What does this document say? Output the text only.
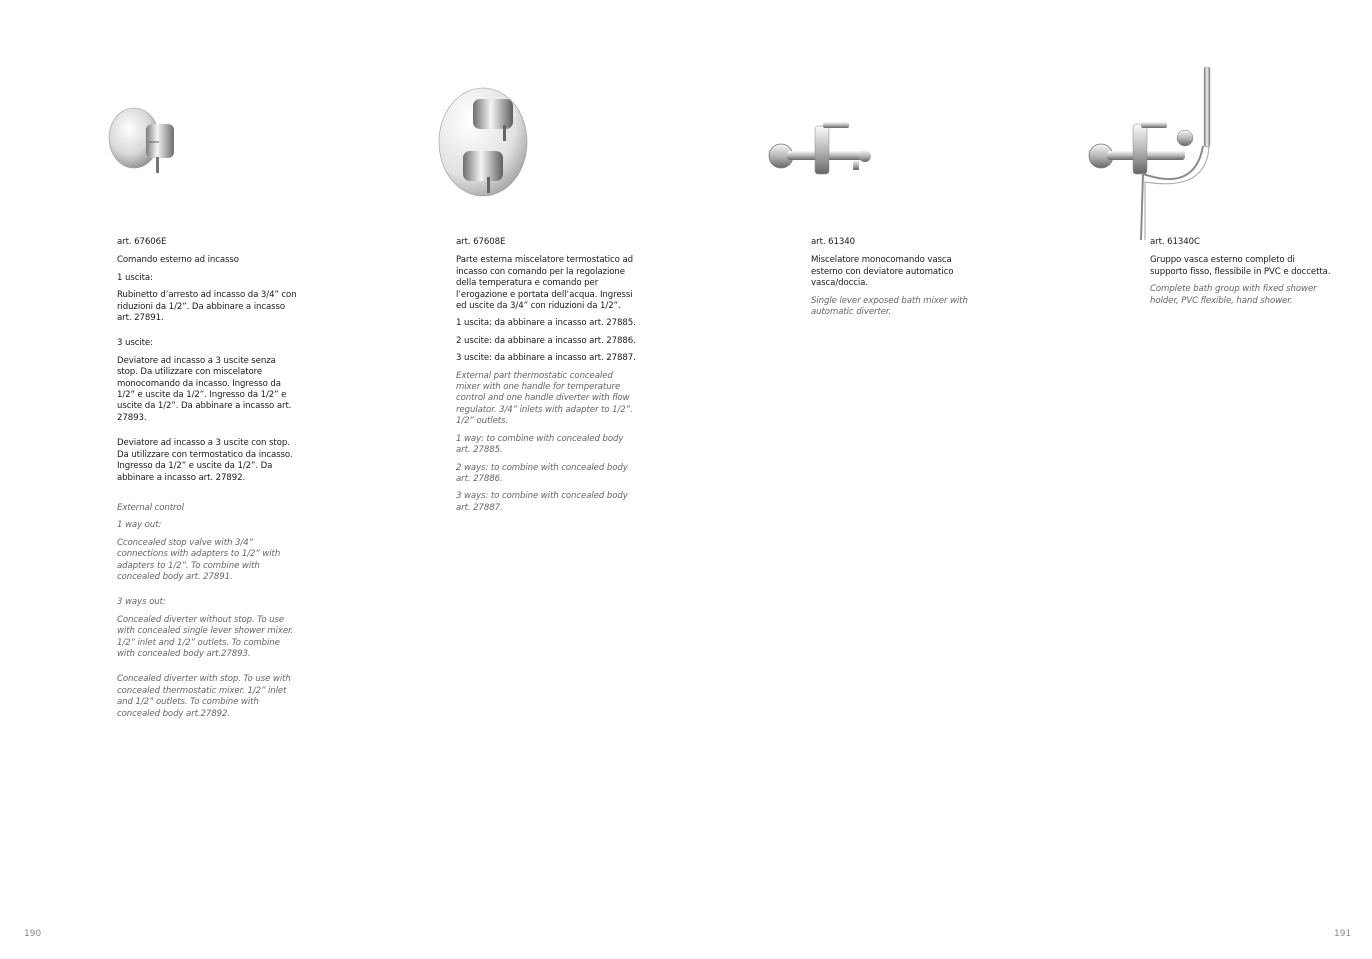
art. 67606E

Comando esterno ad incasso

1 uscita:

Rubinetto d’arresto ad incasso da 3/4” con riduzioni da 1/2”. Da abbinare a incasso art. 27891.

3 uscite:

Deviatore ad incasso a 3 uscite senza stop. Da utilizzare con miscelatore monocomando da incasso. Ingresso da 1/2” e uscite da 1/2”. Ingresso da 1/2” e uscite da 1/2”. Da abbinare a incasso art. 27893.

Deviatore ad incasso a 3 uscite con stop. Da utilizzare con termostatico da incasso. Ingresso da 1/2” e uscite da 1/2”. Da abbinare a incasso art. 27892.

External control

1 way out:

Cconcealed stop valve with 3/4” connections with adapters to 1/2” with adapters to 1/2”. To combine with concealed body art. 27891.

3 ways out:

Concealed diverter without stop. To use with concealed single lever shower mixer. 1/2” inlet and 1/2” outlets. To combine with concealed body art.27893.

Concealed diverter with stop. To use with concealed thermostatic mixer. 1/2” inlet and 1/2” outlets. To combine with concealed body art.27892.

art. 67608E

Parte esterna miscelatore termostatico ad incasso con comando per la regolazione della temperatura e comando per l’erogazione e portata dell’acqua. Ingressi ed uscite da 3/4” con riduzioni da 1/2”.

1 uscita: da abbinare a incasso art. 27885.

2 uscite: da abbinare a incasso art. 27886.

3 uscite: da abbinare a incasso art. 27887.

External part thermostatic concealed mixer with one handle for temperature control and one handle diverter with flow regulator. 3/4” inlets with adapter to 1/2”. 1/2” outlets.

1 way: to combine with concealed body art. 27885.

2 ways: to combine with concealed body art. 27886.

3 ways: to combine with concealed body art. 27887.

art. 61340

Miscelatore monocomando vasca esterno con deviatore automatico vasca/doccia.

Single lever exposed bath mixer with automatic diverter.

art. 61340C

Gruppo vasca esterno completo di supporto fisso, flessibile in PVC e doccetta.

Complete bath group with fixed shower holder, PVC flexible, hand shower.

190	191
